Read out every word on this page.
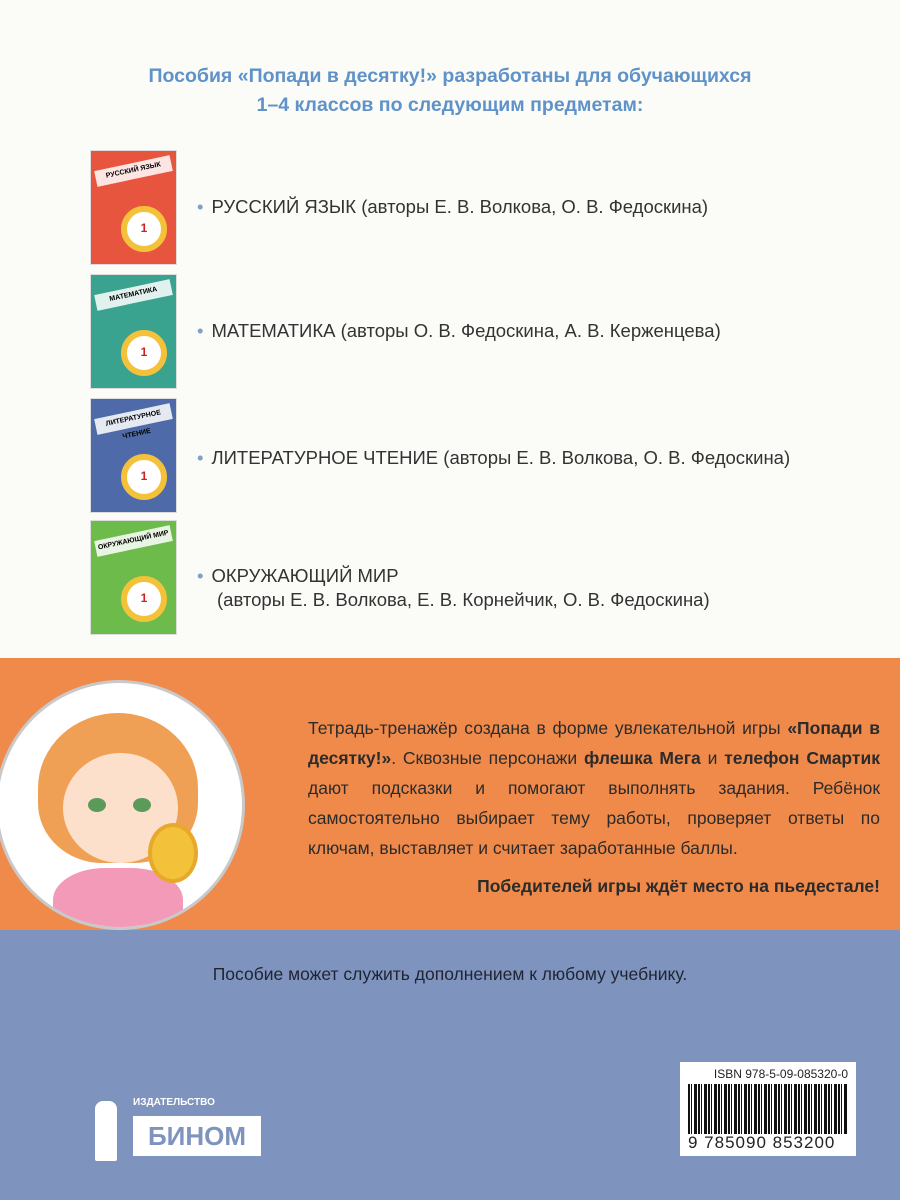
Пособия «Попади в десятку!» разработаны для обучающихся
1–4 классов по следующим предметам:
РУССКИЙ ЯЗЫК
1
МАТЕМАТИКА
1
ЛИТЕРАТУРНОЕ ЧТЕНИЕ
1
ОКРУЖАЮЩИЙ МИР
1
• РУССКИЙ ЯЗЫК (авторы Е. В. Волкова, О. В. Федоскина)
• МАТЕМАТИКА (авторы О. В. Федоскина, А. В. Керженцева)
• ЛИТЕРАТУРНОЕ ЧТЕНИЕ (авторы Е. В. Волкова, О. В. Федоскина)
• ОКРУЖАЮЩИЙ МИР
(авторы Е. В. Волкова, Е. В. Корнейчик, О. В. Федоскина)
Тетрадь-тренажёр создана в форме увлекательной игры «Попади в десятку!». Сквозные персонажи флешка Мега и телефон Смартик дают подсказки и помогают выполнять задания. Ребёнок самостоятельно выбирает тему работы, проверяет ответы по ключам, выставляет и считает заработанные баллы.
Победителей игры ждёт место на пьедестале!
Пособие может служить дополнением к любому учебнику.
ИЗДАТЕЛЬСТВО
БИНОМ
ISBN 978-5-09-085320-0
9 785090 853200
